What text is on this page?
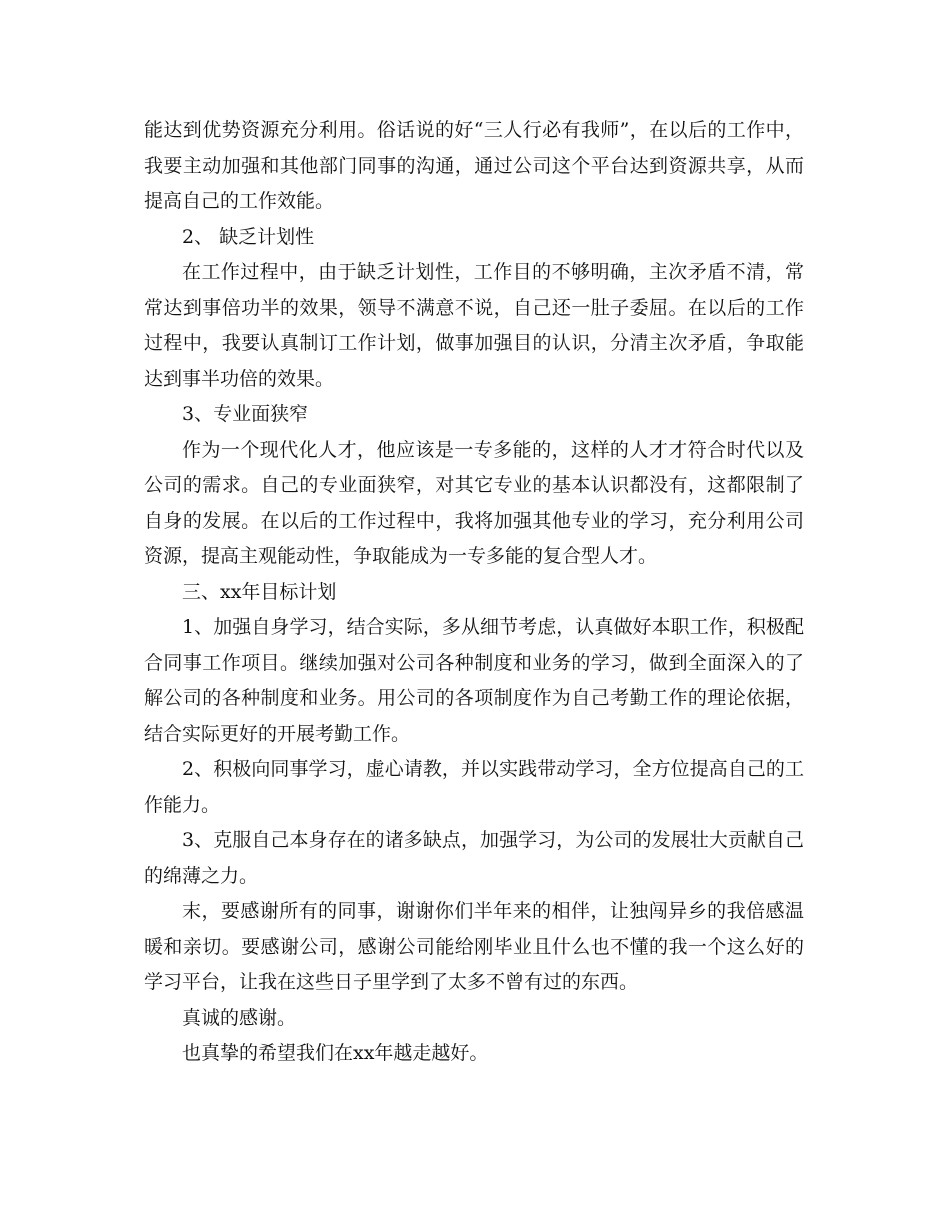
能达到优势资源充分利用。俗话说的好“三人行必有我师”，在以后的工作中，我要主动加强和其他部门同事的沟通，通过公司这个平台达到资源共享，从而提高自己的工作效能。

2、 缺乏计划性

在工作过程中，由于缺乏计划性，工作目的不够明确，主次矛盾不清，常常达到事倍功半的效果，领导不满意不说，自己还一肚子委屈。在以后的工作过程中，我要认真制订工作计划，做事加强目的认识，分清主次矛盾，争取能达到事半功倍的效果。

3、专业面狭窄

作为一个现代化人才，他应该是一专多能的，这样的人才才符合时代以及公司的需求。自己的专业面狭窄，对其它专业的基本认识都没有，这都限制了自身的发展。在以后的工作过程中，我将加强其他专业的学习，充分利用公司资源，提高主观能动性，争取能成为一专多能的复合型人才。

三、xx年目标计划

1、加强自身学习，结合实际，多从细节考虑，认真做好本职工作，积极配合同事工作项目。继续加强对公司各种制度和业务的学习，做到全面深入的了解公司的各种制度和业务。用公司的各项制度作为自己考勤工作的理论依据，结合实际更好的开展考勤工作。

2、积极向同事学习，虚心请教，并以实践带动学习，全方位提高自己的工作能力。

3、克服自己本身存在的诸多缺点，加强学习，为公司的发展壮大贡献自己的绵薄之力。

末，要感谢所有的同事，谢谢你们半年来的相伴，让独闯异乡的我倍感温暖和亲切。要感谢公司，感谢公司能给刚毕业且什么也不懂的我一个这么好的学习平台，让我在这些日子里学到了太多不曾有过的东西。

真诚的感谢。

也真挚的希望我们在xx年越走越好。
